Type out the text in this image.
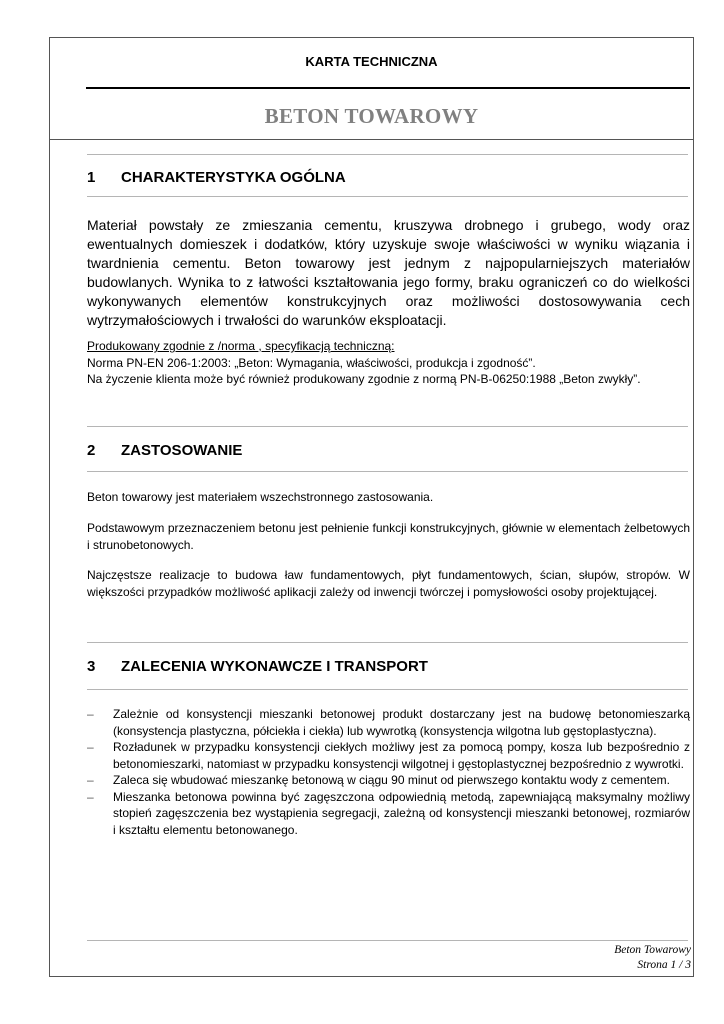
KARTA TECHNICZNA
BETON TOWAROWY
1 CHARAKTERYSTYKA OGÓLNA
Materiał powstały ze zmieszania cementu, kruszywa drobnego i grubego, wody oraz ewentualnych domieszek i dodatków, który uzyskuje swoje właściwości w wyniku wiązania i twardnienia cementu. Beton towarowy jest jednym z najpopularniejszych materiałów budowlanych. Wynika to z łatwości kształtowania jego formy, braku ograniczeń co do wielkości wykonywanych elementów konstrukcyjnych oraz możliwości dostosowywania cech wytrzymałościowych i trwałości do warunków eksploatacji.
Produkowany zgodnie z /norma , specyfikacją techniczną:
Norma PN-EN 206-1:2003: „Beton: Wymagania, właściwości, produkcja i zgodność”.
Na życzenie klienta może być również produkowany zgodnie z normą PN-B-06250:1988 „Beton zwykły”.
2 ZASTOSOWANIE
Beton towarowy jest materiałem wszechstronnego zastosowania.
Podstawowym przeznaczeniem betonu jest pełnienie funkcji konstrukcyjnych, głównie w elementach żelbetowych i strunobetonowych.
Najczęstsze realizacje to budowa ław fundamentowych, płyt fundamentowych, ścian, słupów, stropów. W większości przypadków możliwość aplikacji zależy od inwencji twórczej i pomysłowości osoby projektującej.
3 ZALECENIA WYKONAWCZE I TRANSPORT
– Zależnie od konsystencji mieszanki betonowej produkt dostarczany jest na budowę betonomieszarką (konsystencja plastyczna, półciekła i ciekła) lub wywrotką (konsystencja wilgotna lub gęstoplastyczna).
– Rozładunek w przypadku konsystencji ciekłych możliwy jest za pomocą pompy, kosza lub bezpośrednio z betonomieszarki, natomiast w przypadku konsystencji wilgotnej i gęstoplastycznej bezpośrednio z wywrotki.
– Zaleca się wbudować mieszankę betonową w ciągu 90 minut od pierwszego kontaktu wody z cementem.
– Mieszanka betonowa powinna być zagęszczona odpowiednią metodą, zapewniającą maksymalny możliwy stopień zagęszczenia bez wystąpienia segregacji, zależną od konsystencji mieszanki betonowej, rozmiarów i kształtu elementu betonowanego.
Beton Towarowy
Strona 1 / 3
